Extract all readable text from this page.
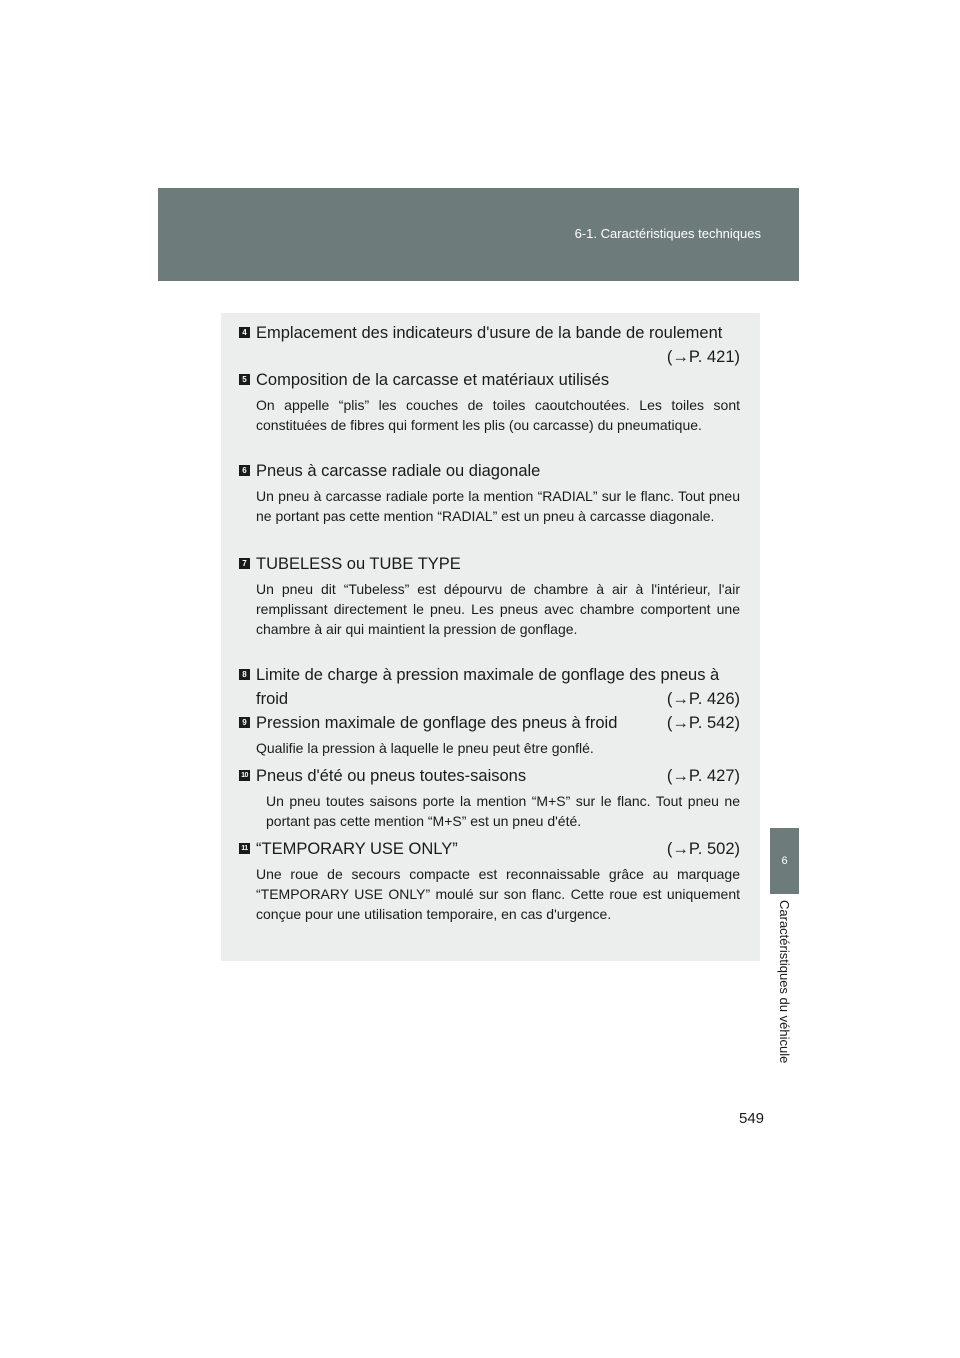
6-1. Caractéristiques techniques
6
Caractéristiques du véhicule
4 Emplacement des indicateurs d'usure de la bande de roulement
(→P. 421)
5 Composition de la carcasse et matériaux utilisés
On appelle “plis” les couches de toiles caoutchoutées. Les toiles sont constituées de fibres qui forment les plis (ou carcasse) du pneumatique.
6 Pneus à carcasse radiale ou diagonale
Un pneu à carcasse radiale porte la mention “RADIAL” sur le flanc. Tout pneu ne portant pas cette mention “RADIAL” est un pneu à carcasse diagonale.
7 TUBELESS ou TUBE TYPE
Un pneu dit “Tubeless” est dépourvu de chambre à air à l'intérieur, l'air remplissant directement le pneu. Les pneus avec chambre comportent une chambre à air qui maintient la pression de gonflage.
8 Limite de charge à pression maximale de gonflage des pneus à
froid	(→P. 426)
9 Pression maximale de gonflage des pneus à froid	(→P. 542)
Qualifie la pression à laquelle le pneu peut être gonflé.
10 Pneus d'été ou pneus toutes-saisons	(→P. 427)
Un pneu toutes saisons porte la mention “M+S” sur le flanc. Tout pneu ne portant pas cette mention “M+S” est un pneu d'été.
11 “TEMPORARY USE ONLY”	(→P. 502)
Une roue de secours compacte est reconnaissable grâce au marquage “TEMPORARY USE ONLY” moulé sur son flanc. Cette roue est uniquement conçue pour une utilisation temporaire, en cas d'urgence.
549
